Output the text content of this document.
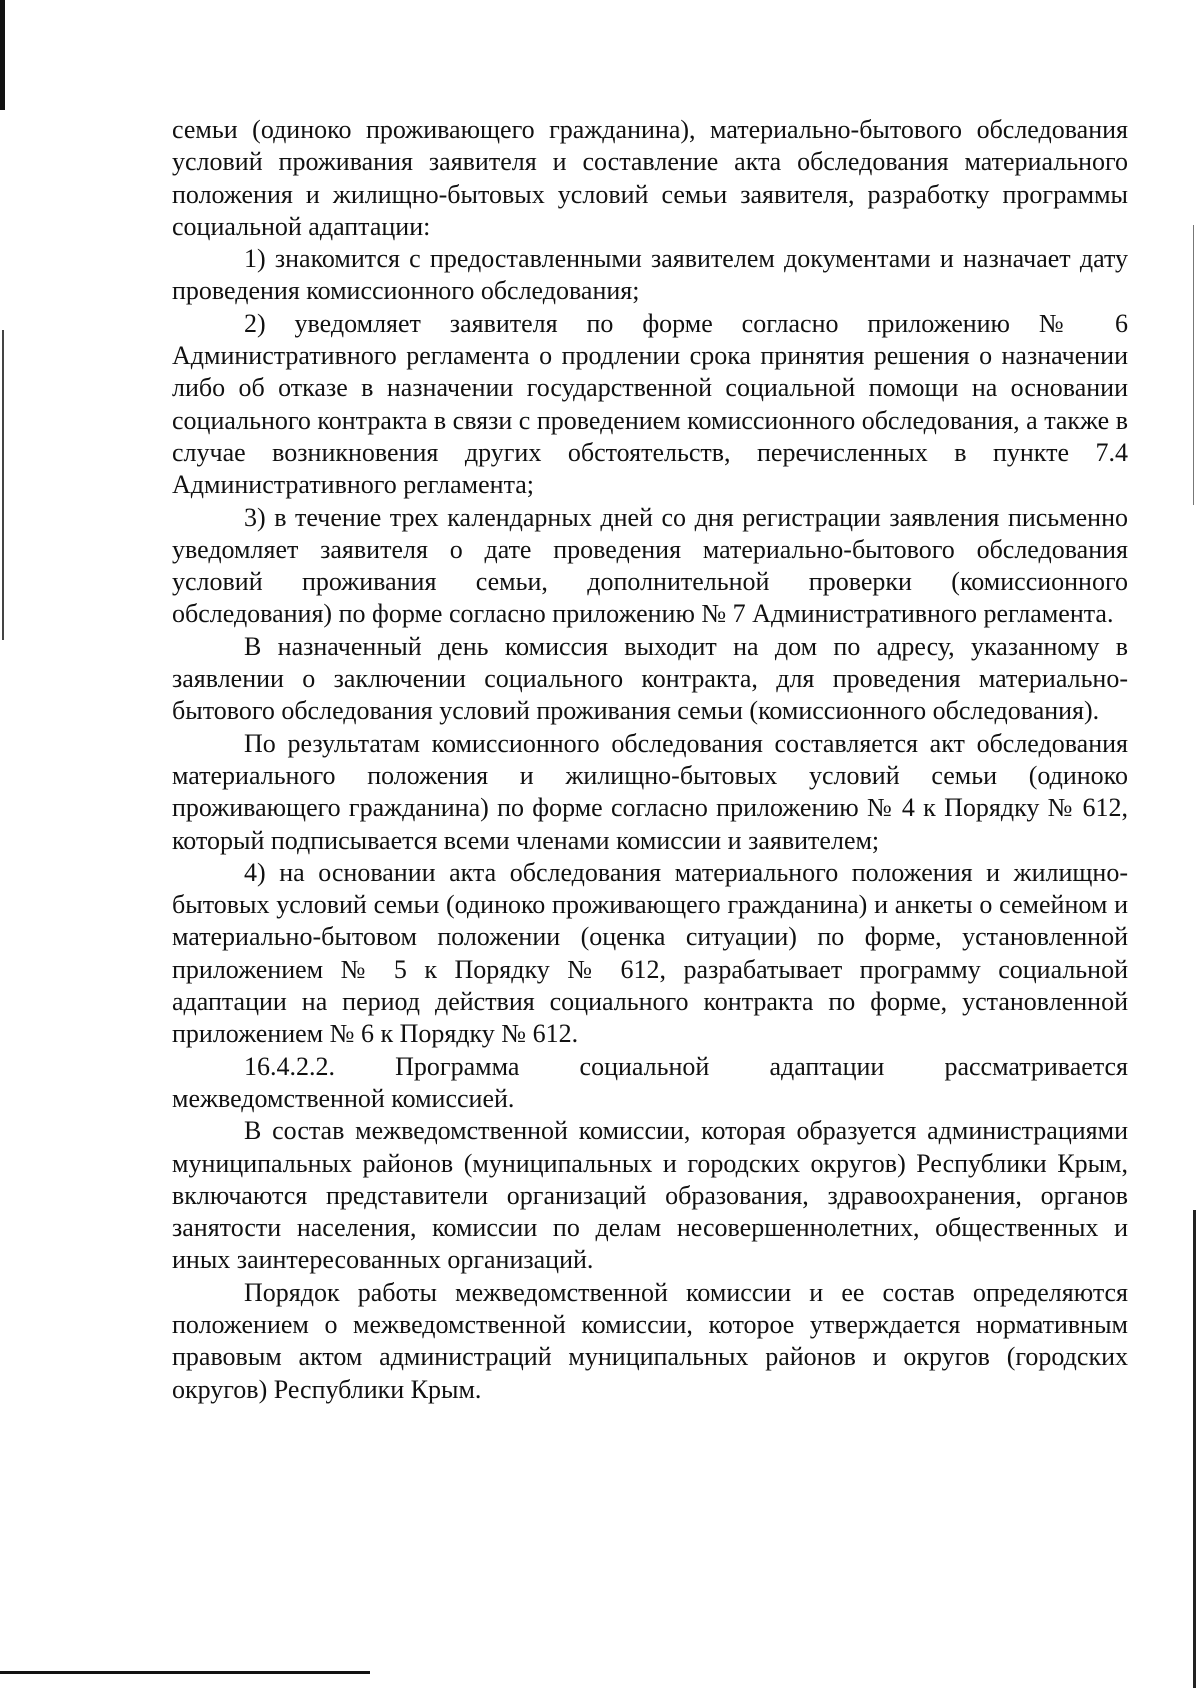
семьи (одиноко проживающего гражданина), материально-бытового обследования условий проживания заявителя и составление акта обследования материального положения и жилищно-бытовых условий семьи заявителя, разработку программы социальной адаптации:

1) знакомится с предоставленными заявителем документами и назначает дату проведения комиссионного обследования;

2) уведомляет заявителя по форме согласно приложению № 6 Административного регламента о продлении срока принятия решения о назначении либо об отказе в назначении государственной социальной помощи на основании социального контракта в связи с проведением комиссионного обследования, а также в случае возникновения других обстоятельств, перечисленных в пункте 7.4 Административного регламента;

3) в течение трех календарных дней со дня регистрации заявления письменно уведомляет заявителя о дате проведения материально-бытового обследования условий проживания семьи, дополнительной проверки (комиссионного обследования) по форме согласно приложению № 7 Административного регламента.

В назначенный день комиссия выходит на дом по адресу, указанному в заявлении о заключении социального контракта, для проведения материально-бытового обследования условий проживания семьи (комиссионного обследования).

По результатам комиссионного обследования составляется акт обследования материального положения и жилищно-бытовых условий семьи (одиноко проживающего гражданина) по форме согласно приложению № 4 к Порядку № 612, который подписывается всеми членами комиссии и заявителем;

4) на основании акта обследования материального положения и жилищно-бытовых условий семьи (одиноко проживающего гражданина) и анкеты о семейном и материально-бытовом положении (оценка ситуации) по форме, установленной приложением № 5 к Порядку № 612, разрабатывает программу социальной адаптации на период действия социального контракта по форме, установленной приложением № 6 к Порядку № 612.

16.4.2.2. Программа социальной адаптации рассматривается межведомственной комиссией.

В состав межведомственной комиссии, которая образуется администрациями муниципальных районов (муниципальных и городских округов) Республики Крым, включаются представители организаций образования, здравоохранения, органов занятости населения, комиссии по делам несовершеннолетних, общественных и иных заинтересованных организаций.

Порядок работы межведомственной комиссии и ее состав определяются положением о межведомственной комиссии, которое утверждается нормативным правовым актом администраций муниципальных районов и округов (городских округов) Республики Крым.
